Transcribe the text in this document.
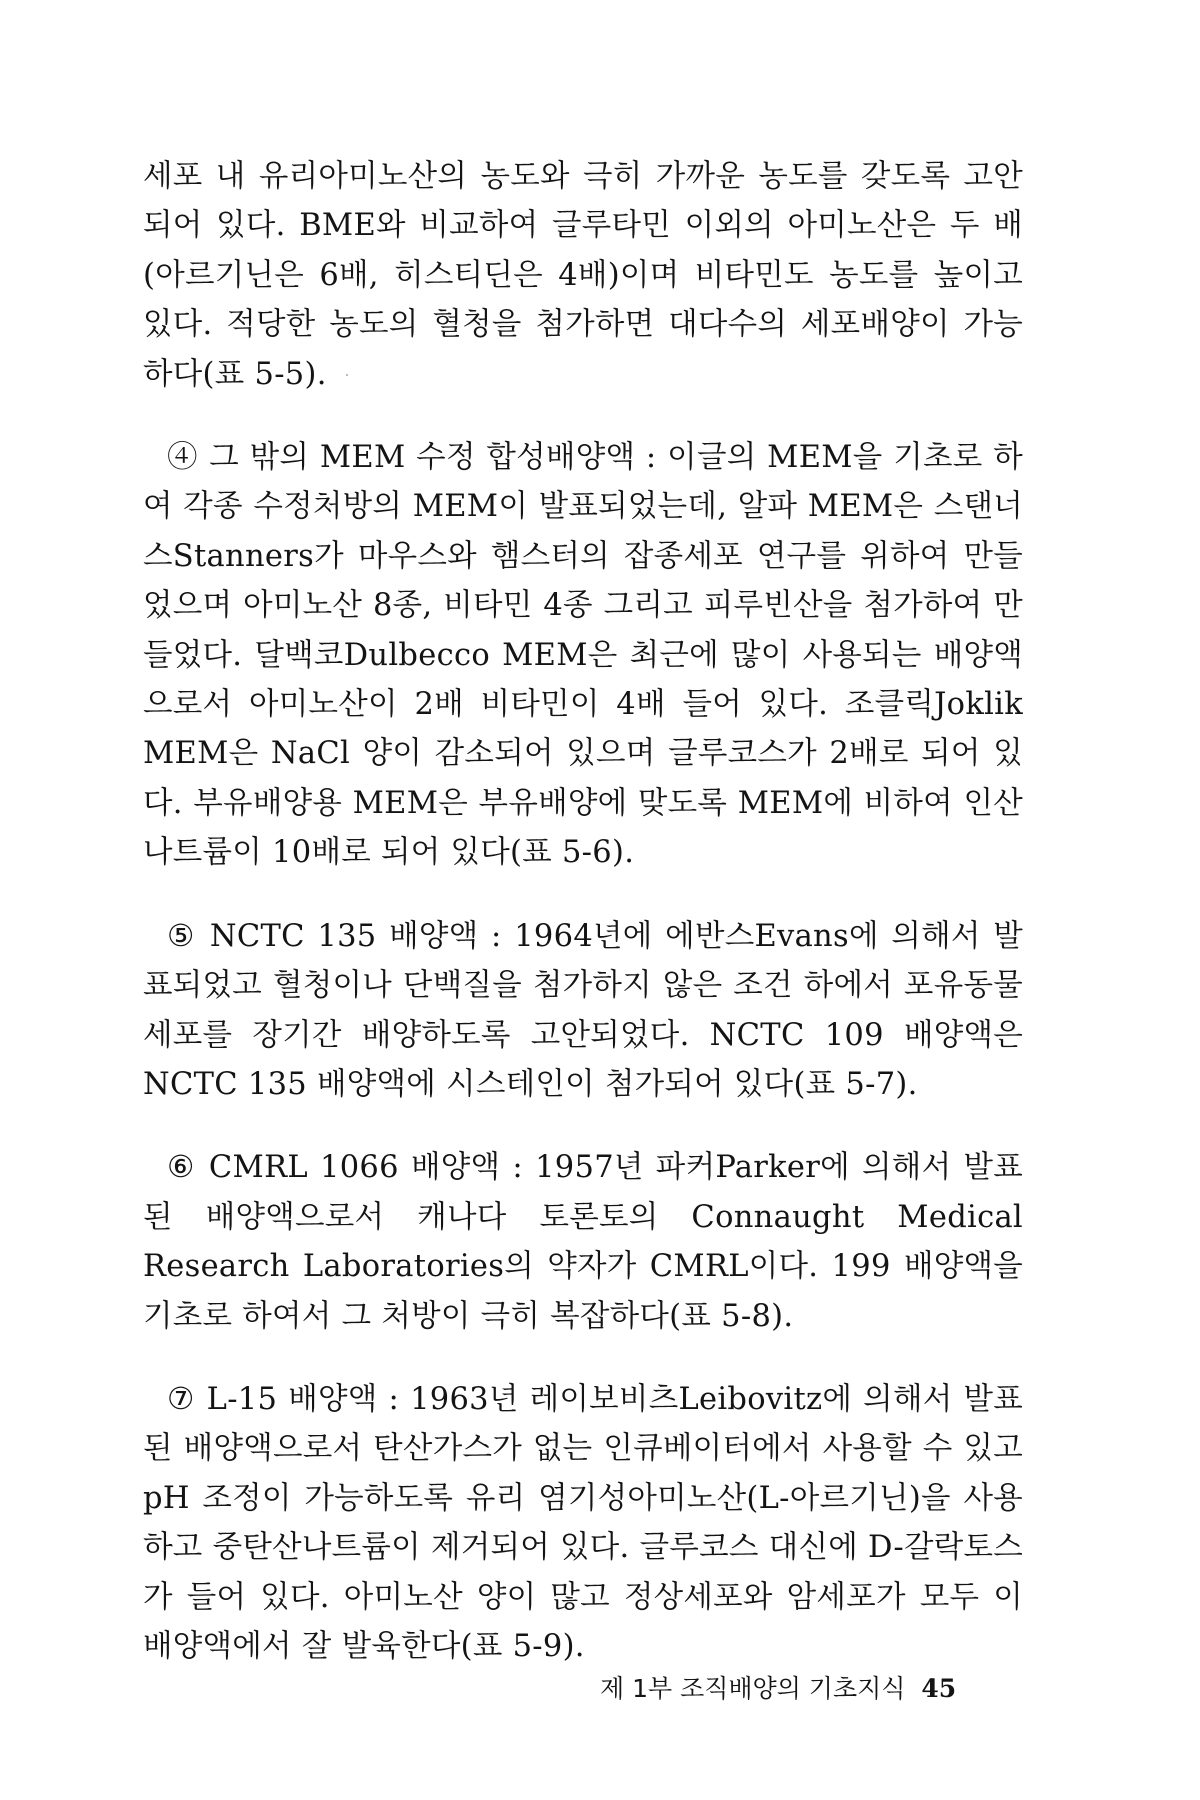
세포 내 유리아미노산의 농도와 극히 가까운 농도를 갖도록 고안되어 있다. BME와 비교하여 글루타민 이외의 아미노산은 두 배(아르기닌은 6배, 히스티딘은 4배)이며 비타민도 농도를 높이고 있다. 적당한 농도의 혈청을 첨가하면 대다수의 세포배양이 가능하다(표 5-5).

④ 그 밖의 MEM 수정 합성배양액 : 이글의 MEM을 기초로 하여 각종 수정처방의 MEM이 발표되었는데, 알파 MEM은 스탠너스Stanners가 마우스와 햄스터의 잡종세포 연구를 위하여 만들었으며 아미노산 8종, 비타민 4종 그리고 피루빈산을 첨가하여 만들었다. 달백코Dulbecco MEM은 최근에 많이 사용되는 배양액으로서 아미노산이 2배 비타민이 4배 들어 있다. 조클릭Joklik MEM은 NaCl 양이 감소되어 있으며 글루코스가 2배로 되어 있다. 부유배양용 MEM은 부유배양에 맞도록 MEM에 비하여 인산나트륨이 10배로 되어 있다(표 5-6).

⑤ NCTC 135 배양액 : 1964년에 에반스Evans에 의해서 발표되었고 혈청이나 단백질을 첨가하지 않은 조건 하에서 포유동물 세포를 장기간 배양하도록 고안되었다. NCTC 109 배양액은 NCTC 135 배양액에 시스테인이 첨가되어 있다(표 5-7).

⑥ CMRL 1066 배양액 : 1957년 파커Parker에 의해서 발표된 배양액으로서 캐나다 토론토의 Connaught Medical Research Laboratories의 약자가 CMRL이다. 199 배양액을 기초로 하여서 그 처방이 극히 복잡하다(표 5-8).

⑦ L-15 배양액 : 1963년 레이보비츠Leibovitz에 의해서 발표된 배양액으로서 탄산가스가 없는 인큐베이터에서 사용할 수 있고 pH 조정이 가능하도록 유리 염기성아미노산(L-아르기닌)을 사용하고 중탄산나트륨이 제거되어 있다. 글루코스 대신에 D-갈락토스가 들어 있다. 아미노산 양이 많고 정상세포와 암세포가 모두 이 배양액에서 잘 발육한다(표 5-9).

제 1부 조직배양의 기초지식 45
